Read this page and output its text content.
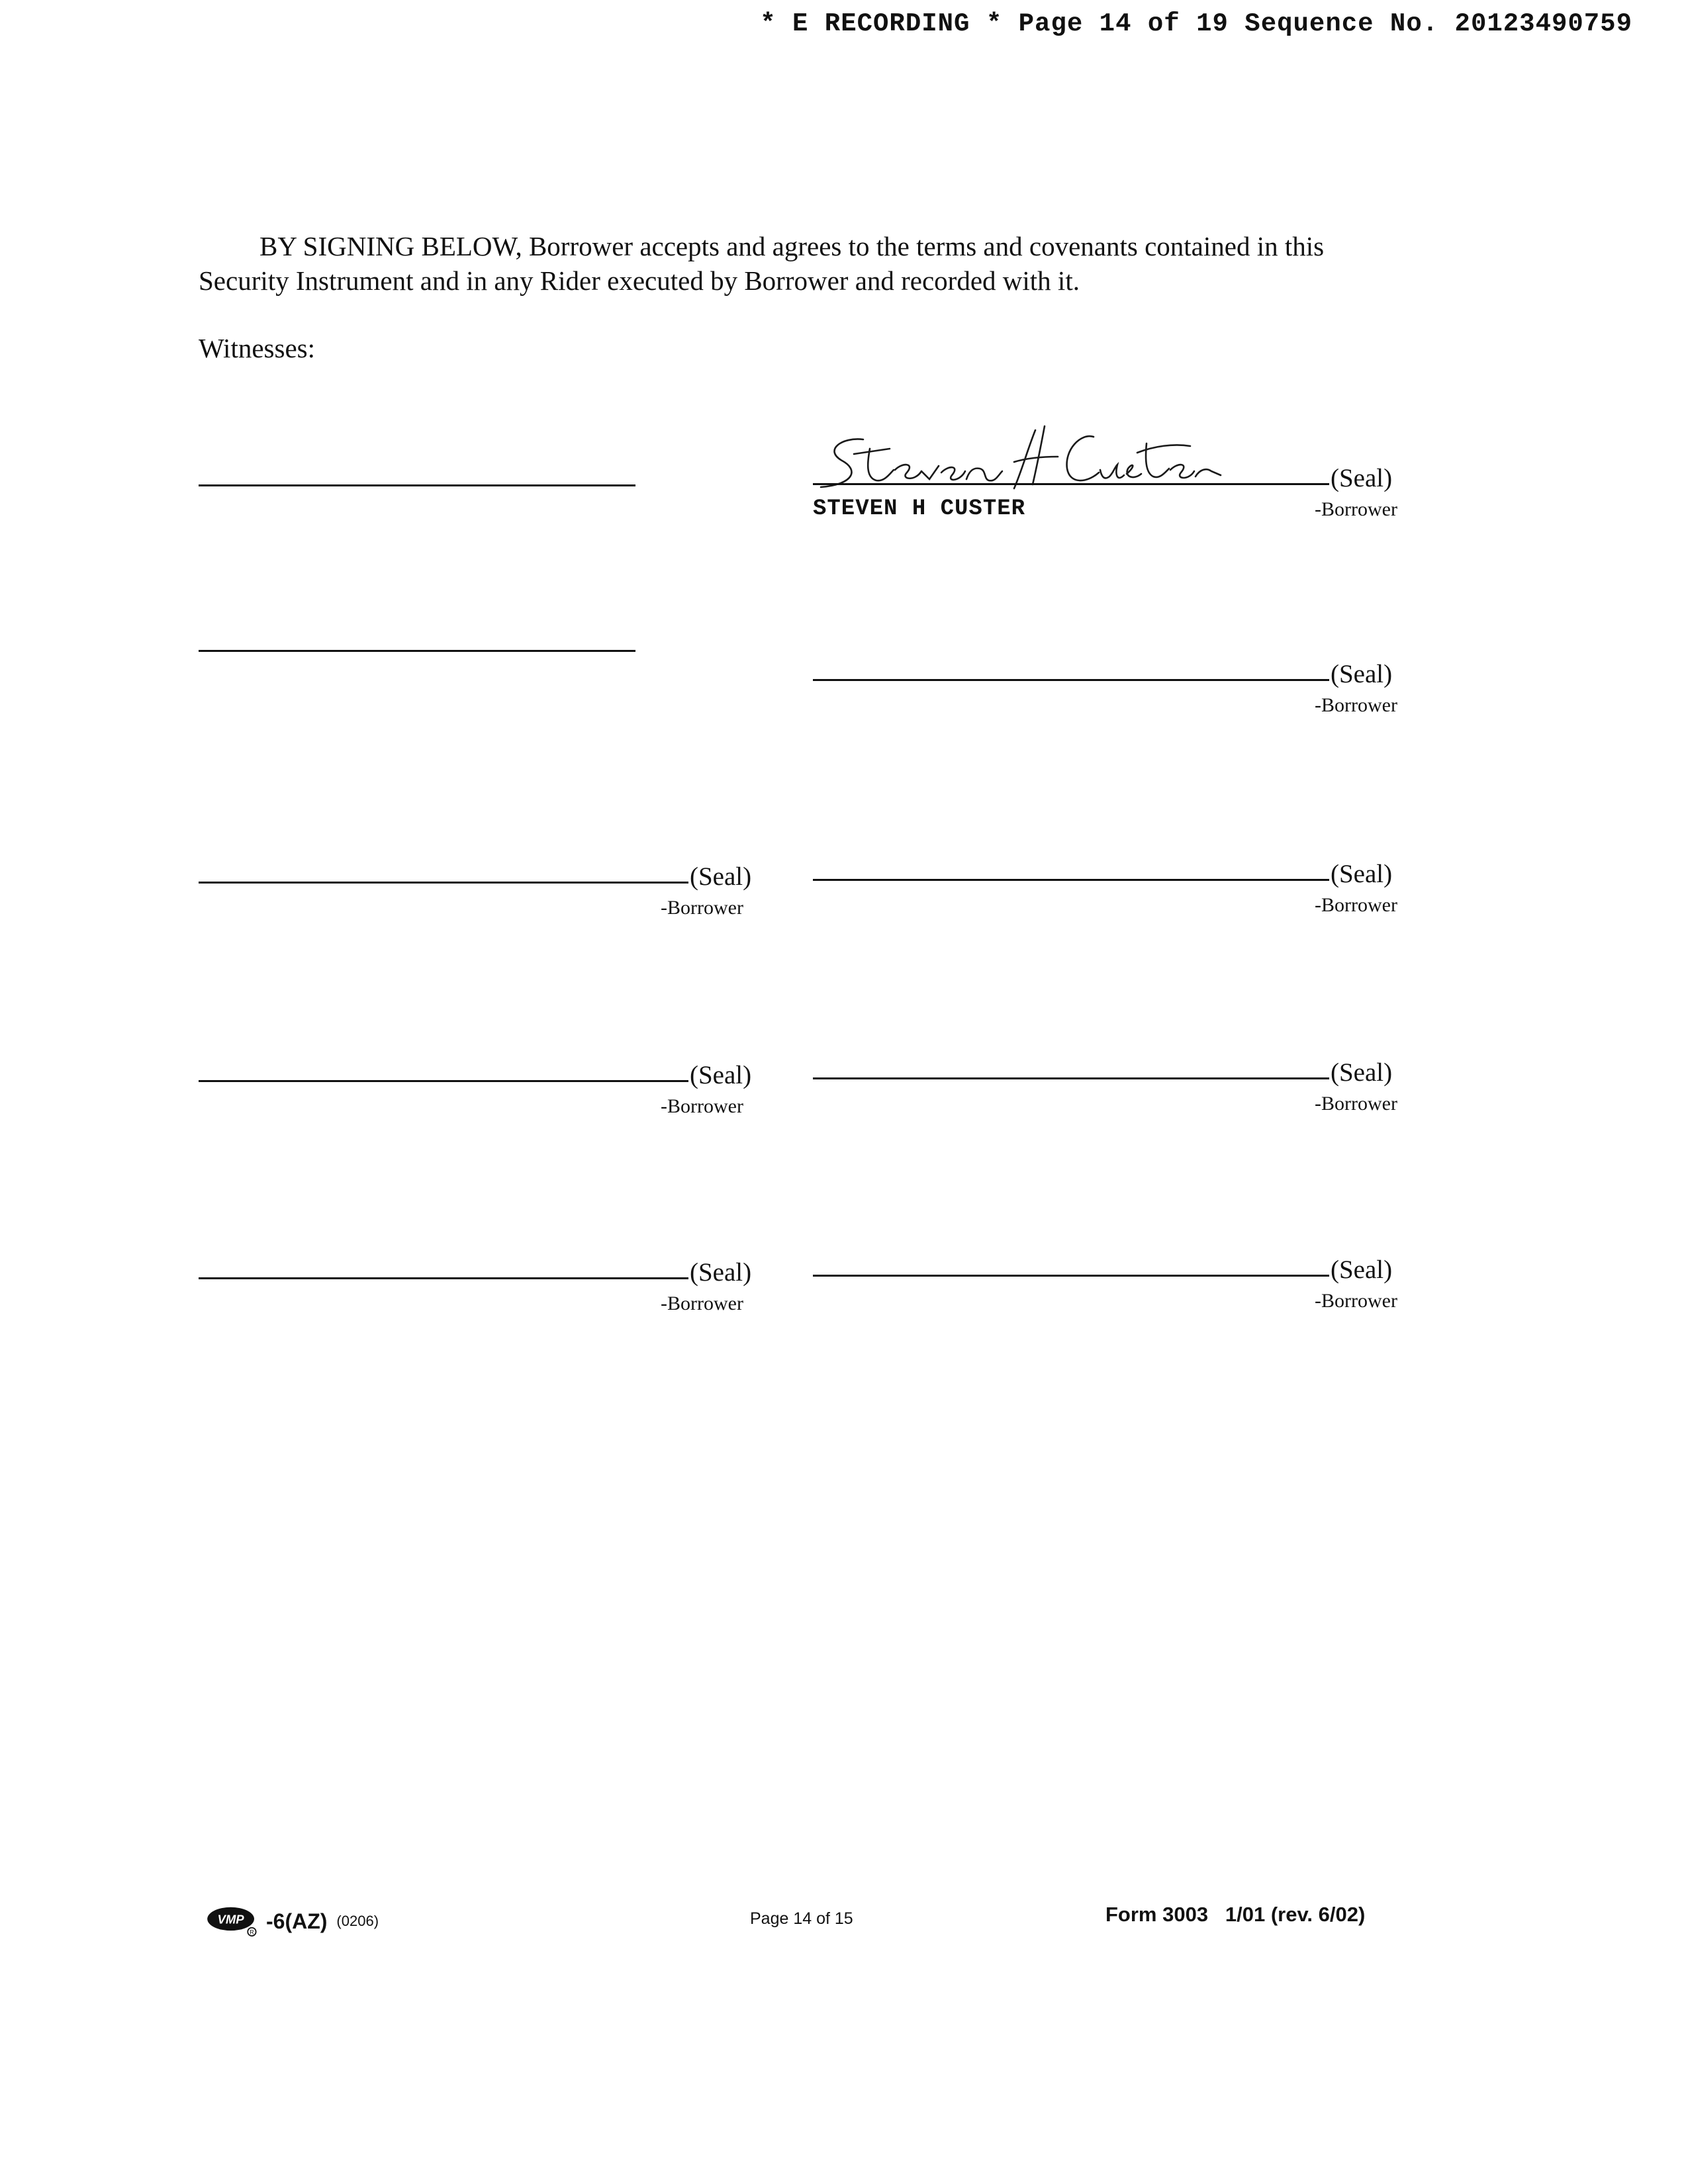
* E RECORDING * Page 14 of 19 Sequence No. 20123490759

BY SIGNING BELOW, Borrower accepts and agrees to the terms and covenants contained in this Security Instrument and in any Rider executed by Borrower and recorded with it.

Witnesses:
(Seal)
-Borrower
STEVEN H CUSTER
(Seal)
-Borrower
(Seal)
-Borrower
(Seal)
-Borrower
(Seal)
-Borrower
(Seal)
-Borrower
(Seal)
-Borrower
(Seal)
-Borrower
VMP
R -6(AZ) (0206)	Page 14 of 15	Form 3003   1/01 (rev. 6/02)
